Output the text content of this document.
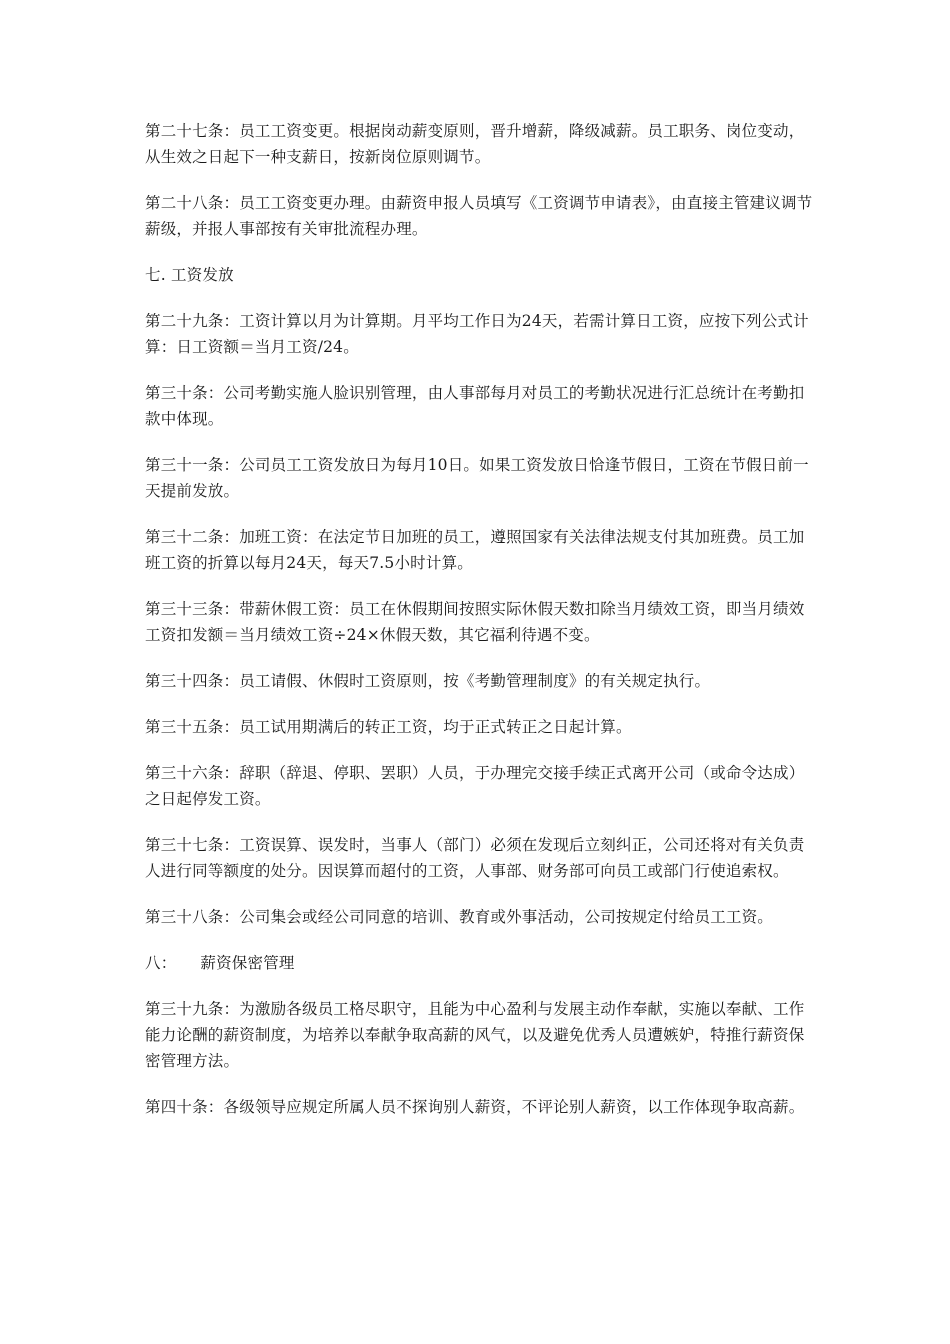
第二十七条：员工工资变更。根据岗动薪变原则，晋升增薪，降级减薪。员工职务、岗位变动，从生效之日起下一种支薪日，按新岗位原则调节。

第二十八条：员工工资变更办理。由薪资申报人员填写《工资调节申请表》，由直接主管建议调节薪级，并报人事部按有关审批流程办理。

七. 工资发放

第二十九条：工资计算以月为计算期。月平均工作日为24天，若需计算日工资，应按下列公式计算：日工资额＝当月工资/24。

第三十条：公司考勤实施人脸识别管理，由人事部每月对员工的考勤状况进行汇总统计在考勤扣款中体现。

第三十一条：公司员工工资发放日为每月10日。如果工资发放日恰逢节假日，工资在节假日前一天提前发放。

第三十二条：加班工资：在法定节日加班的员工，遵照国家有关法律法规支付其加班费。员工加班工资的折算以每月24天，每天7.5小时计算。

第三十三条：带薪休假工资：员工在休假期间按照实际休假天数扣除当月绩效工资，即当月绩效工资扣发额＝当月绩效工资÷24×休假天数，其它福利待遇不变。

第三十四条：员工请假、休假时工资原则，按《考勤管理制度》的有关规定执行。

第三十五条：员工试用期满后的转正工资，均于正式转正之日起计算。

第三十六条：辞职（辞退、停职、罢职）人员，于办理完交接手续正式离开公司（或命令达成）之日起停发工资。

第三十七条：工资误算、误发时，当事人（部门）必须在发现后立刻纠正，公司还将对有关负责人进行同等额度的处分。因误算而超付的工资，人事部、财务部可向员工或部门行使追索权。

第三十八条：公司集会或经公司同意的培训、教育或外事活动，公司按规定付给员工工资。

八： 薪资保密管理

第三十九条：为激励各级员工格尽职守，且能为中心盈利与发展主动作奉献，实施以奉献、工作能力论酬的薪资制度，为培养以奉献争取高薪的风气，以及避免优秀人员遭嫉妒，特推行薪资保密管理方法。

第四十条：各级领导应规定所属人员不探询别人薪资，不评论别人薪资，以工作体现争取高薪。
